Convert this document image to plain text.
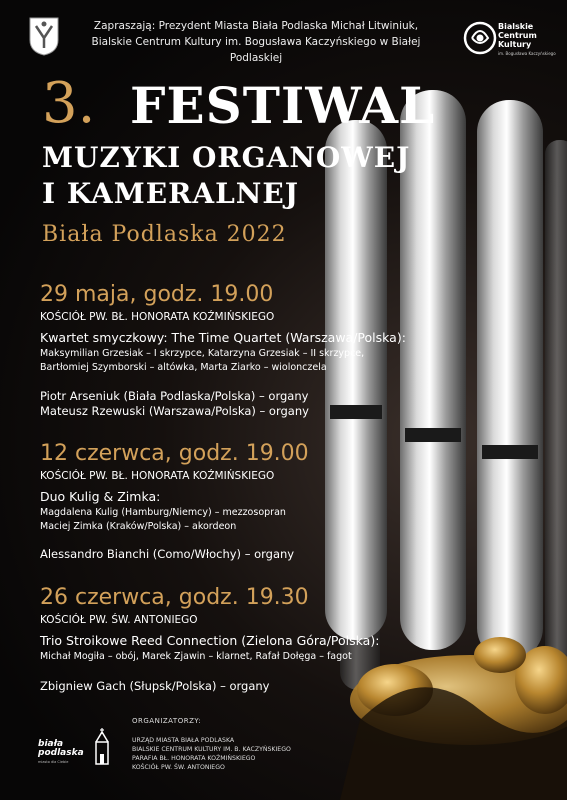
Zapraszają: Prezydent Miasta Biała Podlaska Michał Litwiniuk,
Bialskie Centrum Kultury im. Bogusława Kaczyńskiego w Białej Podlaskiej
Bialskie
Centrum
Kultury
im. Bogusława Kaczyńskiego
3. FESTIWAL
MUZYKI ORGANOWEJ
I KAMERALNEJ
Biała Podlaska 2022
29 maja, godz. 19.00
KOŚCIÓŁ PW. BŁ. HONORATA KOŹMIŃSKIEGO
Kwartet smyczkowy: The Time Quartet (Warszawa/Polska):
Maksymilian Grzesiak – I skrzypce, Katarzyna Grzesiak – II skrzypce,
Bartłomiej Szymborski – altówka, Marta Ziarko – wiolonczela
Piotr Arseniuk (Biała Podlaska/Polska) – organy
Mateusz Rzewuski (Warszawa/Polska) – organy
12 czerwca, godz. 19.00
KOŚCIÓŁ PW. BŁ. HONORATA KOŹMIŃSKIEGO
Duo Kulig & Zimka:
Magdalena Kulig (Hamburg/Niemcy) – mezzosopran
Maciej Zimka (Kraków/Polska) – akordeon
Alessandro Bianchi (Como/Włochy) – organy
26 czerwca, godz. 19.30
KOŚCIÓŁ PW. ŚW. ANTONIEGO
Trio Stroikowe Reed Connection (Zielona Góra/Polska):
Michał Mogiła – obój, Marek Zjawin – klarnet, Rafał Dołęga – fagot
Zbigniew Gach (Słupsk/Polska) – organy
biała
podlaska
miasto dla Ciebie
ORGANIZATORZY:
URZĄD MIASTA BIAŁA PODLASKA
BIALSKIE CENTRUM KULTURY IM. B. KACZYŃSKIEGO
PARAFIA BŁ. HONORATA KOŹMIŃSKIEGO
KOŚCIÓŁ PW. ŚW. ANTONIEGO
